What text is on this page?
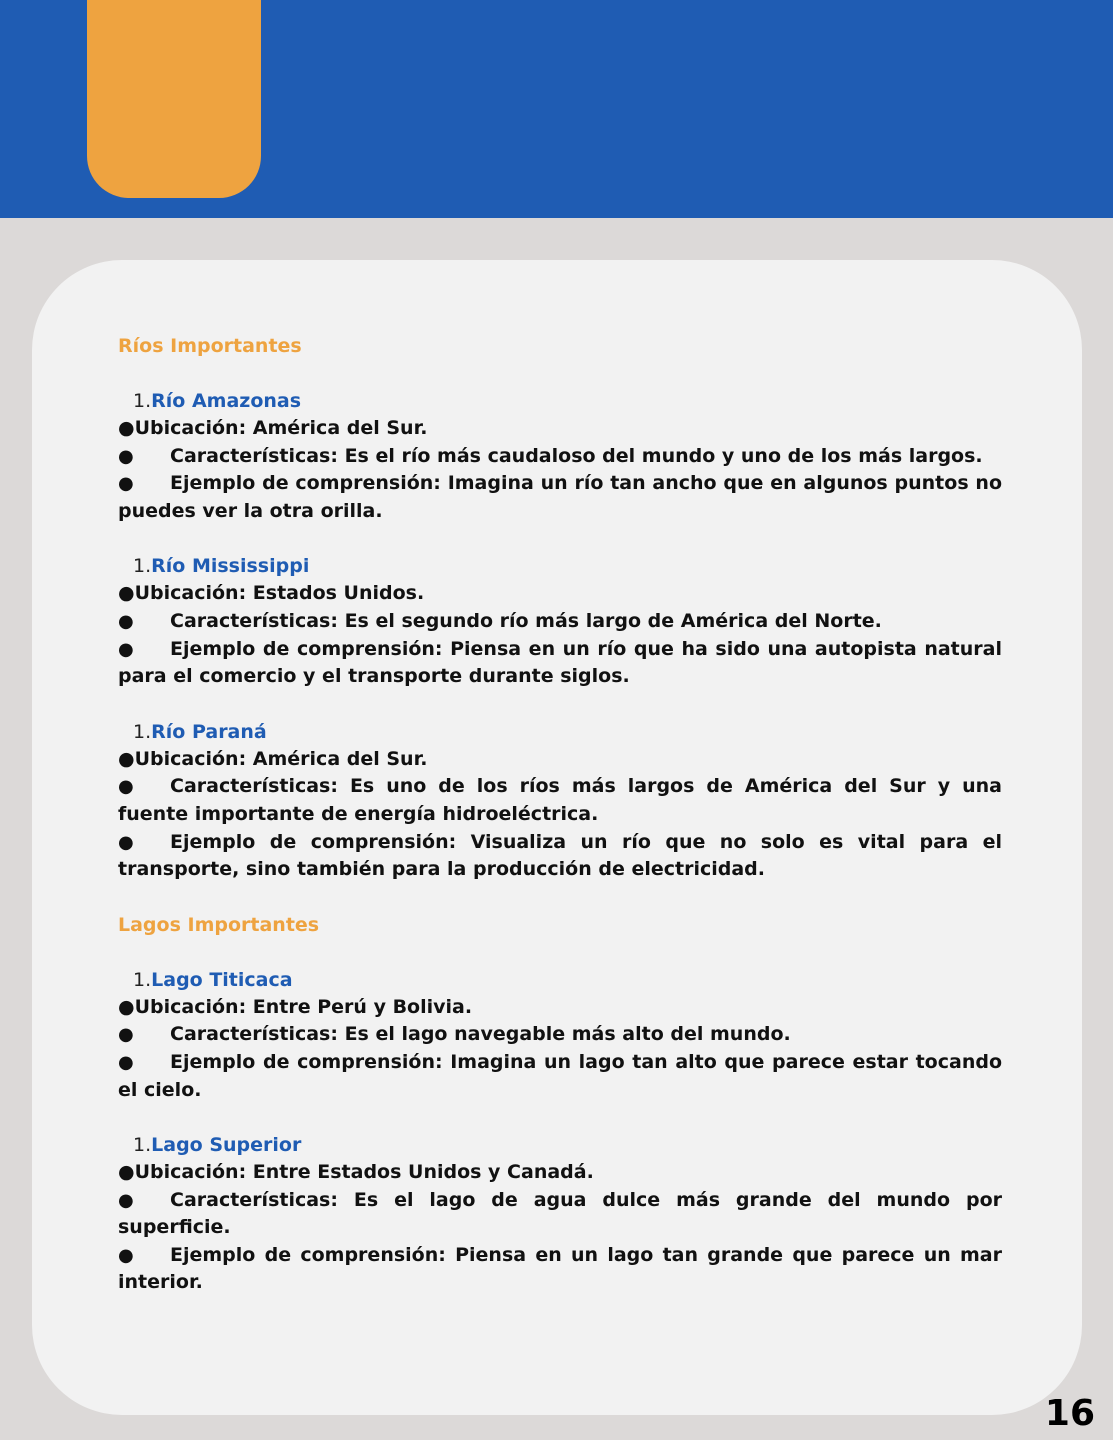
Ríos Importantes
1.Río Amazonas

●Ubicación: América del Sur.

● Características: Es el río más caudaloso del mundo y uno de los más largos.

● Ejemplo de comprensión: Imagina un río tan ancho que en algunos puntos no puedes ver la otra orilla.

1.Río Mississippi

●Ubicación: Estados Unidos.

● Características: Es el segundo río más largo de América del Norte.

● Ejemplo de comprensión: Piensa en un río que ha sido una autopista natural para el comercio y el transporte durante siglos.

1.Río Paraná

●Ubicación: América del Sur.

● Características: Es uno de los ríos más largos de América del Sur y una fuente importante de energía hidroeléctrica.

● Ejemplo de comprensión: Visualiza un río que no solo es vital para el transporte, sino también para la producción de electricidad.

Lagos Importantes
1.Lago Titicaca

●Ubicación: Entre Perú y Bolivia.

● Características: Es el lago navegable más alto del mundo.

● Ejemplo de comprensión: Imagina un lago tan alto que parece estar tocando el cielo.

1.Lago Superior

●Ubicación: Entre Estados Unidos y Canadá.

● Características: Es el lago de agua dulce más grande del mundo por superficie.

● Ejemplo de comprensión: Piensa en un lago tan grande que parece un mar interior.

16
